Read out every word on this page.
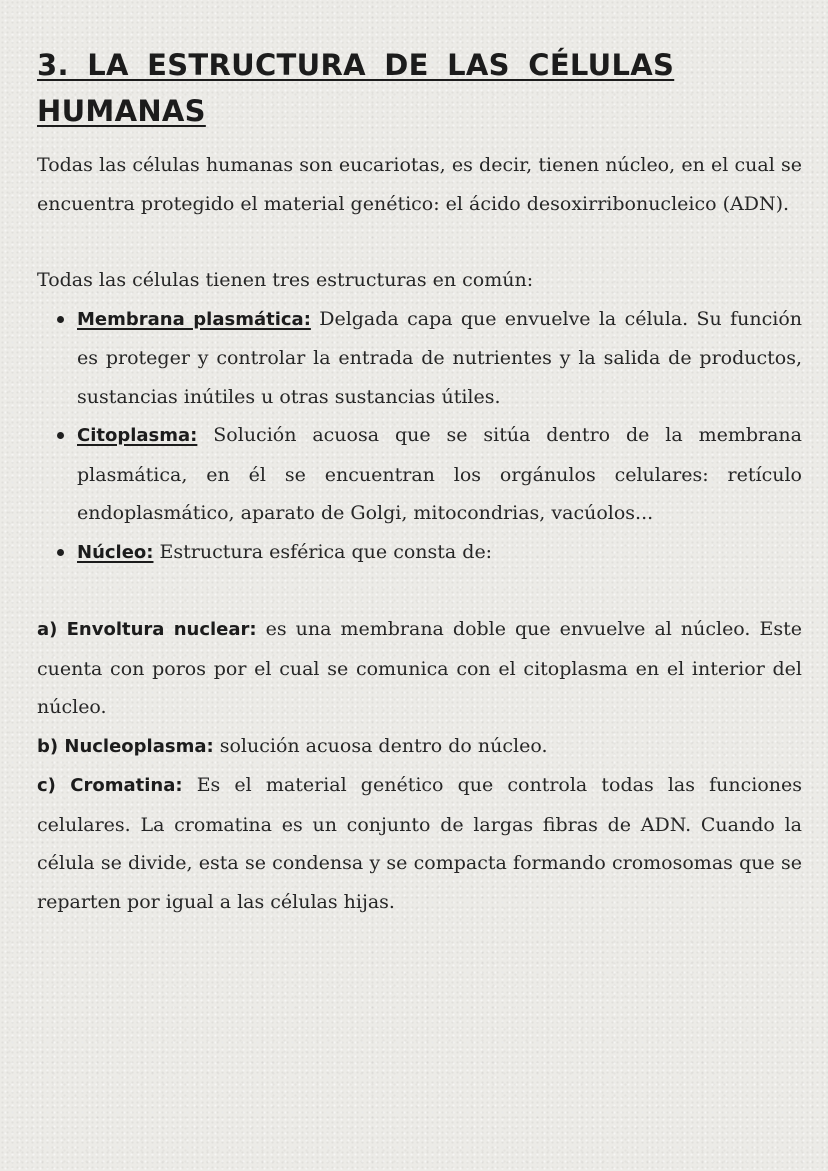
3. LA ESTRUCTURA DE LAS CÉLULAS HUMANAS

Todas las células humanas son eucariotas, es decir, tienen núcleo, en el cual se encuentra protegido el material genético: el ácido desoxirribonucleico (ADN).

Todas las células tienen tres estructuras en común:

Membrana plasmática: Delgada capa que envuelve la célula. Su función es proteger y controlar la entrada de nutrientes y la salida de productos, sustancias inútiles u otras sustancias útiles.
Citoplasma: Solución acuosa que se sitúa dentro de la membrana plasmática, en él se encuentran los orgánulos celulares: retículo endoplasmático, aparato de Golgi, mitocondrias, vacúolos...
Núcleo: Estructura esférica que consta de:

a) Envoltura nuclear: es una membrana doble que envuelve al núcleo. Este cuenta con poros por el cual se comunica con el citoplasma en el interior del núcleo.

b) Nucleoplasma: solución acuosa dentro do núcleo.

c) Cromatina: Es el material genético que controla todas las funciones celulares. La cromatina es un conjunto de largas fibras de ADN. Cuando la célula se divide, esta se condensa y se compacta formando cromosomas que se reparten por igual a las células hijas.
